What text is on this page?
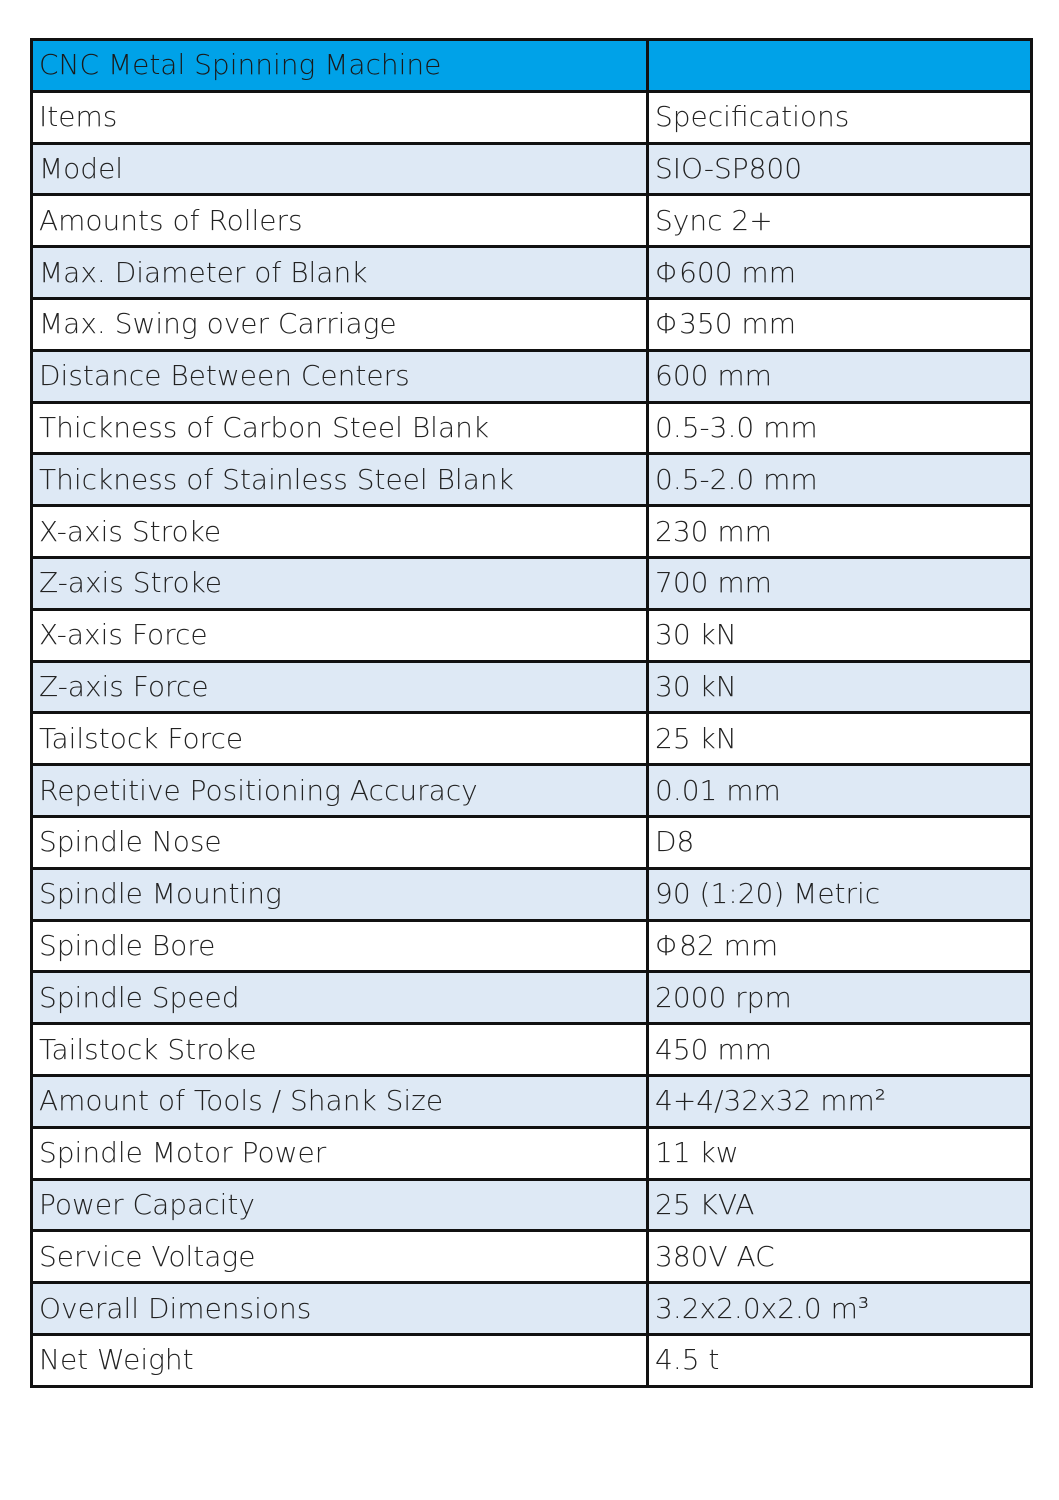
CNC Metal Spinning Machine	
Items	Specifications
Model	SIO-SP800
Amounts of Rollers	Sync 2+
Max. Diameter of Blank	Φ600 mm
Max. Swing over Carriage	Φ350 mm
Distance Between Centers	600 mm
Thickness of Carbon Steel Blank	0.5-3.0 mm
Thickness of Stainless Steel Blank	0.5-2.0 mm
X-axis Stroke	230 mm
Z-axis Stroke	700 mm
X-axis Force	30 kN
Z-axis Force	30 kN
Tailstock Force	25 kN
Repetitive Positioning Accuracy	0.01 mm
Spindle Nose	D8
Spindle Mounting	90 (1:20) Metric
Spindle Bore	Φ82 mm
Spindle Speed	2000 rpm
Tailstock Stroke	450 mm
Amount of Tools / Shank Size	4+4/32x32 mm²
Spindle Motor Power	11 kw
Power Capacity	25 KVA
Service Voltage	380V AC
Overall Dimensions	3.2x2.0x2.0 m³
Net Weight	4.5 t
